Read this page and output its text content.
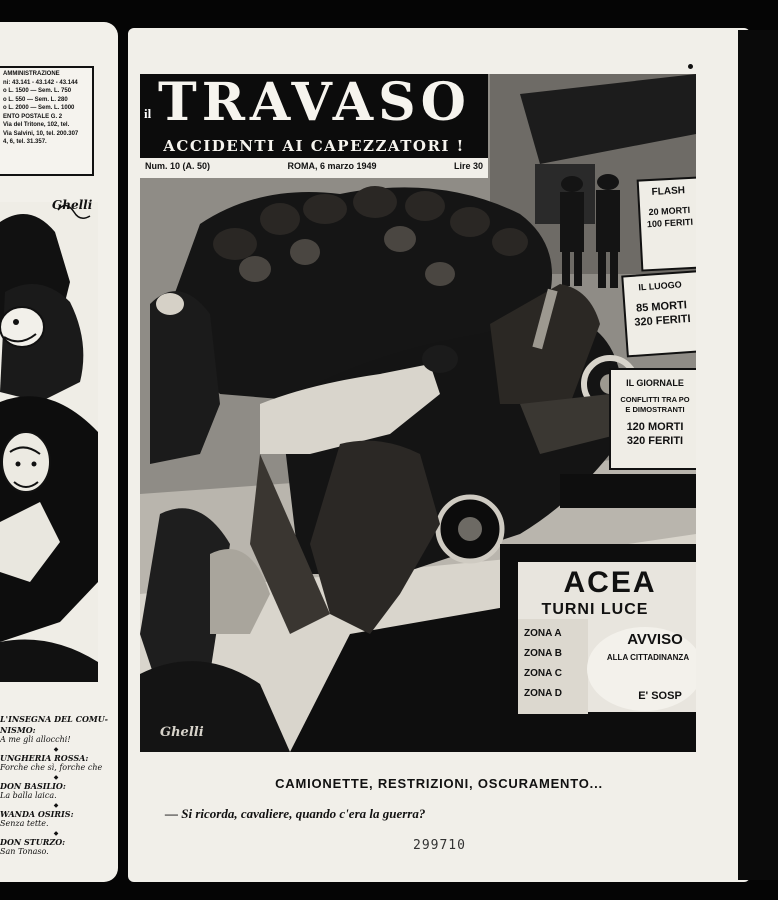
AMMINISTRAZIONE
ni: 43.141 - 43.142 - 43.144
o L. 1500 — Sem. L. 750
o L. 550 — Sem. L. 280
o L. 2000 — Sem. L. 1000
ENTO POSTALE G. 2
Via del Tritone, 102, tel.
Via Salvini, 10, tel. 200.307
4, 6, tel. 31.357.
Ghelli
L'INSEGNA DEL COMU-
NISMO:
A me gli allocchi!
◆
UNGHERIA ROSSA:
Forche che sì, forche che
◆
DON BASILIO:
La balla laica.
◆
WANDA OSIRIS:
Senza tette.
◆
DON STURZO:
San Tonaso.
FLASH
20 MORTI
100 FERITI
IL LUOGO
85 MORTI
320 FERITI
IL GIORNALE
CONFLITTI TRA PO
E DIMOSTRANTI
120 MORTI
320 FERITI
ACEA
TURNI LUCE
ZONA A
ZONA B
ZONA C
ZONA D
AVVISO
ALLA CITTADINANZA
E' SOSP
Ghelli
il TRAVASO
ACCIDENTI AI CAPEZZATORI !
Num. 10 (A. 50)	ROMA, 6 marzo 1949	Lire 30
CAMIONETTE, RESTRIZIONI, OSCURAMENTO...
— Si ricorda, cavaliere, quando c'era la guerra?
299710
